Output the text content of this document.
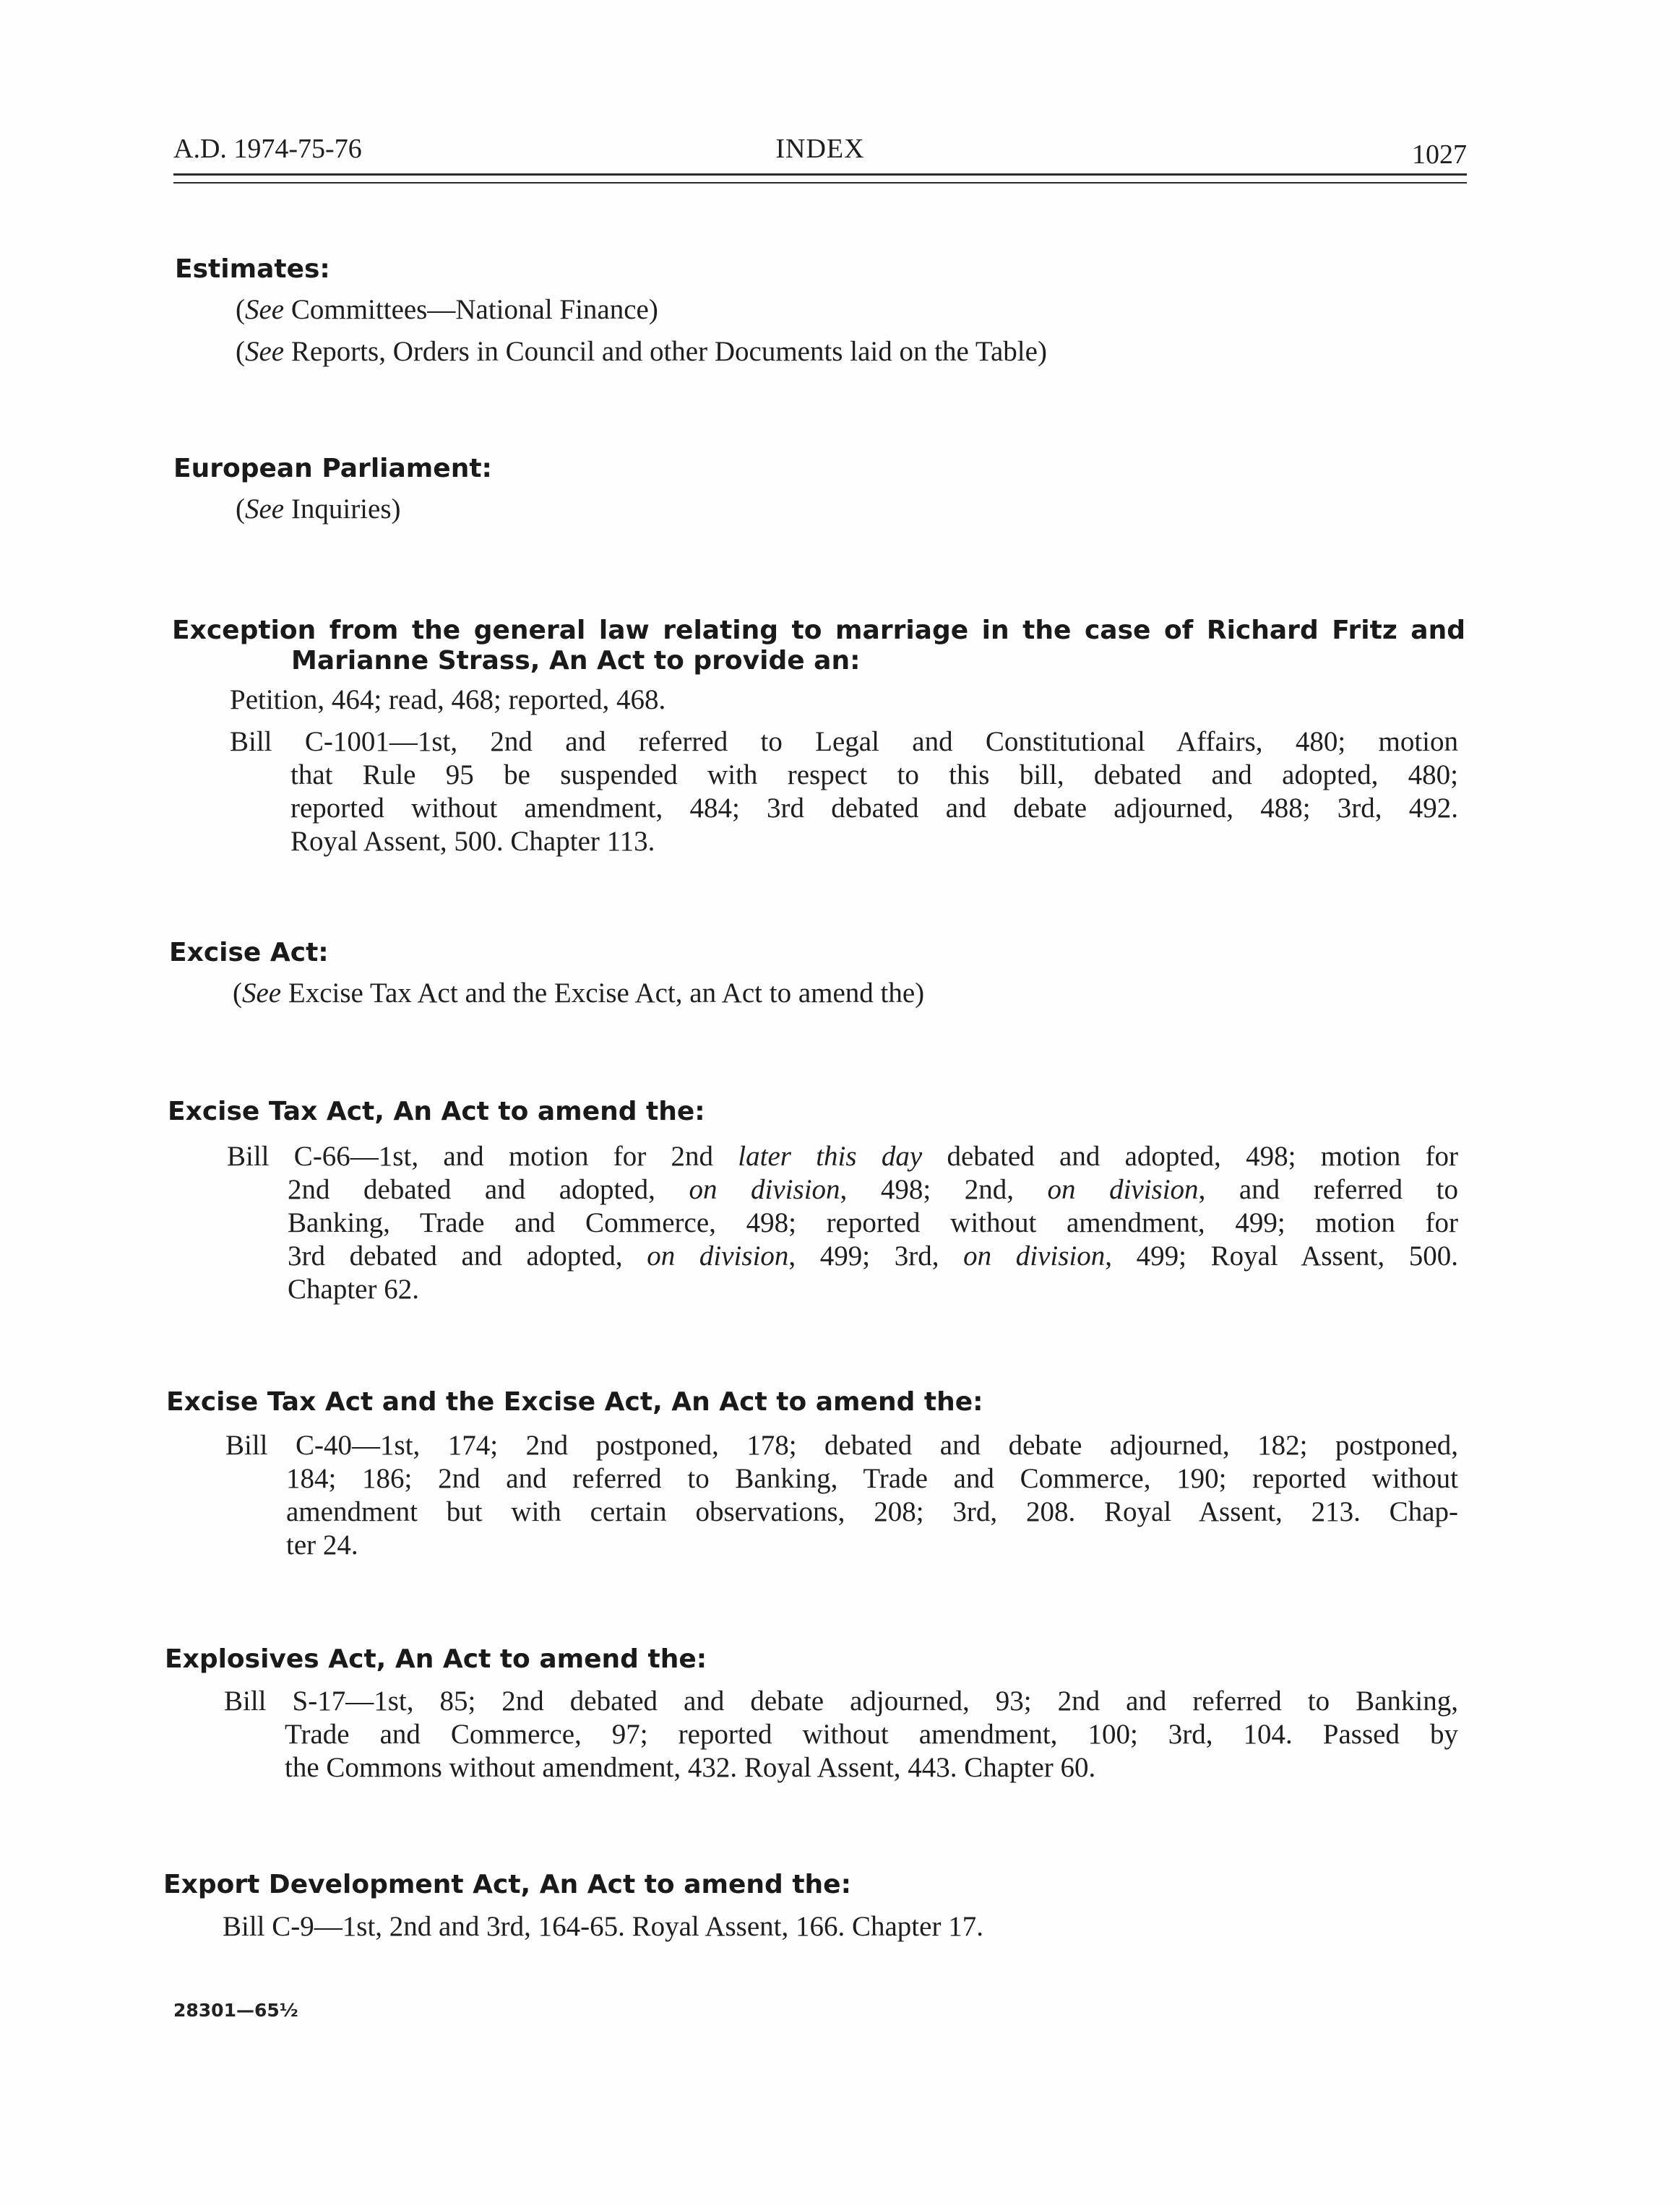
A.D. 1974-75-76	INDEX	1027
Estimates:
(See Committees—National Finance)
(See Reports, Orders in Council and other Documents laid on the Table)
European Parliament:
(See Inquiries)
Exception from the general law relating to marriage in the case of Richard Fritz and
Marianne Strass, An Act to provide an:
Petition, 464; read, 468; reported, 468.
Bill C-1001—1st, 2nd and referred to Legal and Constitutional Affairs, 480; motion
that Rule 95 be suspended with respect to this bill, debated and adopted, 480;
reported without amendment, 484; 3rd debated and debate adjourned, 488; 3rd, 492.
Royal Assent, 500. Chapter 113.
Excise Act:
(See Excise Tax Act and the Excise Act, an Act to amend the)
Excise Tax Act, An Act to amend the:
Bill C-66—1st, and motion for 2nd later this day debated and adopted, 498; motion for
2nd debated and adopted, on division, 498; 2nd, on division, and referred to
Banking, Trade and Commerce, 498; reported without amendment, 499; motion for
3rd debated and adopted, on division, 499; 3rd, on division, 499; Royal Assent, 500.
Chapter 62.
Excise Tax Act and the Excise Act, An Act to amend the:
Bill C-40—1st, 174; 2nd postponed, 178; debated and debate adjourned, 182; postponed,
184; 186; 2nd and referred to Banking, Trade and Commerce, 190; reported without
amendment but with certain observations, 208; 3rd, 208. Royal Assent, 213. Chap-
ter 24.
Explosives Act, An Act to amend the:
Bill S-17—1st, 85; 2nd debated and debate adjourned, 93; 2nd and referred to Banking,
Trade and Commerce, 97; reported without amendment, 100; 3rd, 104. Passed by
the Commons without amendment, 432. Royal Assent, 443. Chapter 60.
Export Development Act, An Act to amend the:
Bill C-9—1st, 2nd and 3rd, 164-65. Royal Assent, 166. Chapter 17.
28301—65½
